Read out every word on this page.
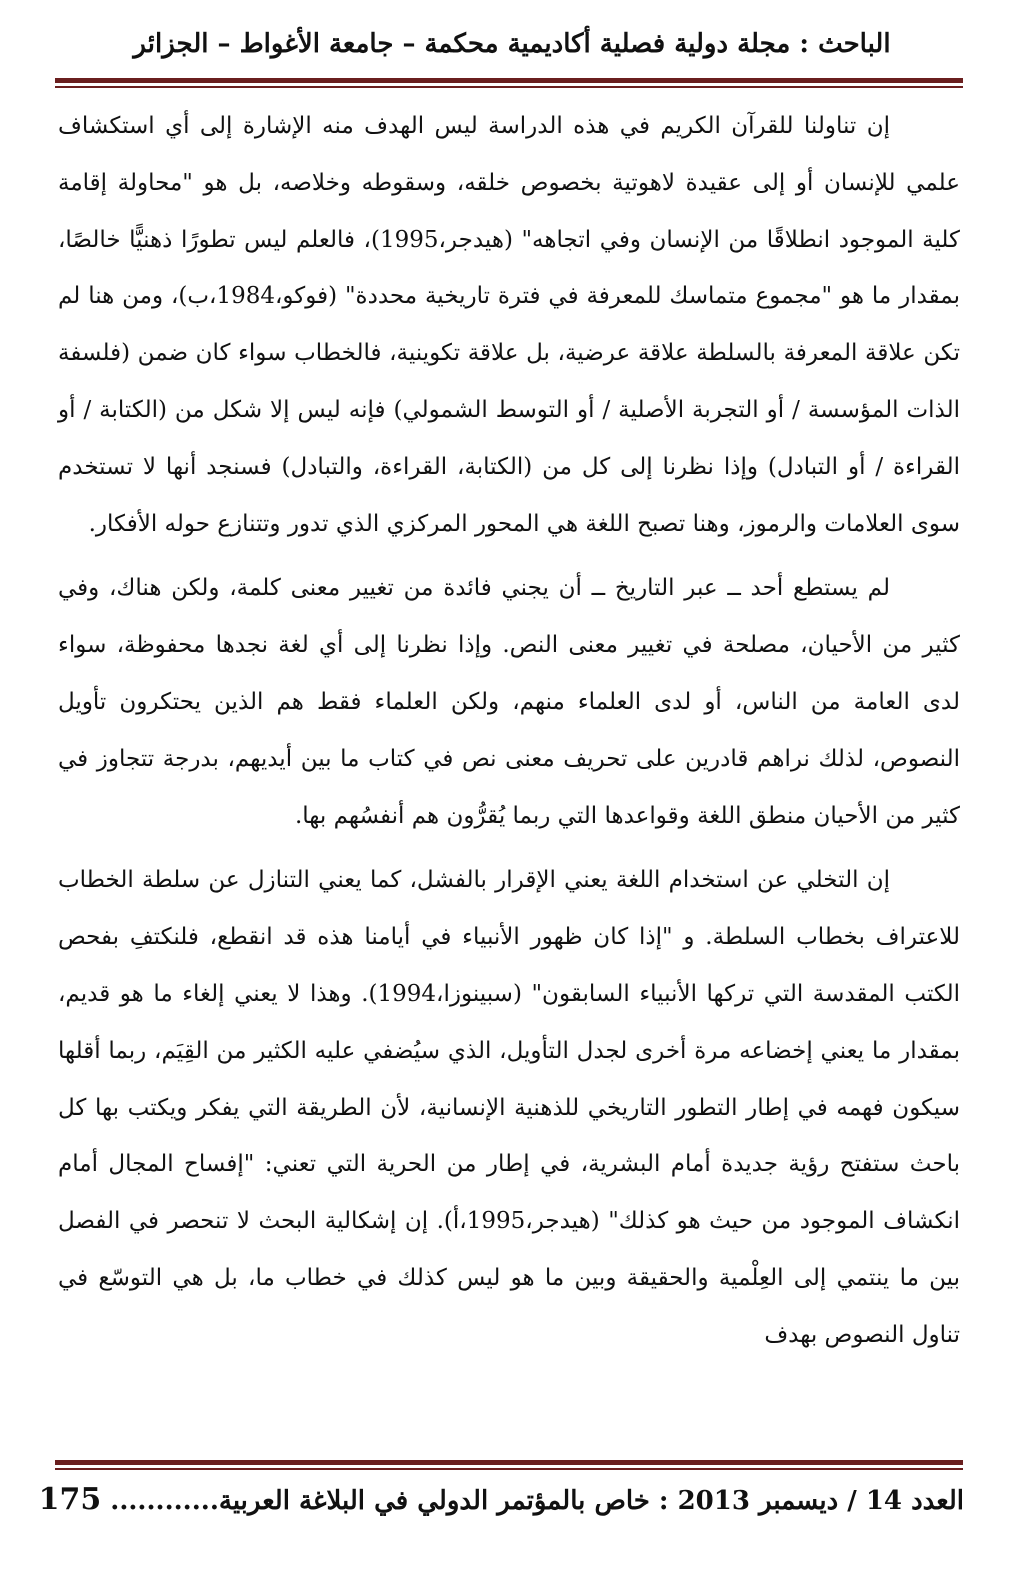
الباحث : مجلة دولية فصلية أكاديمية محكمة – جامعة الأغواط – الجزائر

إن تناولنا للقرآن الكريم في هذه الدراسة ليس الهدف منه الإشارة إلى أي استكشاف علمي للإنسان أو إلى عقيدة لاهوتية بخصوص خلقه، وسقوطه وخلاصه، بل هو "محاولة إقامة كلية الموجود انطلاقًا من الإنسان وفي اتجاهه" (هيدجر،1995)، فالعلم ليس تطورًا ذهنيًّا خالصًا، بمقدار ما هو "مجموع متماسك للمعرفة في فترة تاريخية محددة" (فوكو،1984،ب)، ومن هنا لم تكن علاقة المعرفة بالسلطة علاقة عرضية، بل علاقة تكوينية، فالخطاب سواء كان ضمن (فلسفة الذات المؤسسة / أو التجربة الأصلية / أو التوسط الشمولي) فإنه ليس إلا شكل من (الكتابة / أو القراءة / أو التبادل) وإذا نظرنا إلى كل من (الكتابة، القراءة، والتبادل) فسنجد أنها لا تستخدم سوى العلامات والرموز، وهنا تصبح اللغة هي المحور المركزي الذي تدور وتتنازع حوله الأفكار.

لم يستطع أحد ــ عبر التاريخ ــ أن يجني فائدة من تغيير معنى كلمة، ولكن هناك، وفي كثير من الأحيان، مصلحة في تغيير معنى النص. وإذا نظرنا إلى أي لغة نجدها محفوظة، سواء لدى العامة من الناس، أو لدى العلماء منهم، ولكن العلماء فقط هم الذين يحتكرون تأويل النصوص، لذلك نراهم قادرين على تحريف معنى نص في كتاب ما بين أيديهم، بدرجة تتجاوز في كثير من الأحيان منطق اللغة وقواعدها التي ربما يُقرُّون هم أنفسُهم بها.

إن التخلي عن استخدام اللغة يعني الإقرار بالفشل، كما يعني التنازل عن سلطة الخطاب للاعتراف بخطاب السلطة. و "إذا كان ظهور الأنبياء في أيامنا هذه قد انقطع، فلنكتفِ بفحص الكتب المقدسة التي تركها الأنبياء السابقون" (سبينوزا،1994). وهذا لا يعني إلغاء ما هو قديم، بمقدار ما يعني إخضاعه مرة أخرى لجدل التأويل، الذي سيُضفي عليه الكثير من القِيَم، ربما أقلها سيكون فهمه في إطار التطور التاريخي للذهنية الإنسانية، لأن الطريقة التي يفكر ويكتب بها كل باحث ستفتح رؤية جديدة أمام البشرية، في إطار من الحرية التي تعني: "إفساح المجال أمام انكشاف الموجود من حيث هو كذلك" (هيدجر،1995،أ). إن إشكالية البحث لا تنحصر في الفصل بين ما ينتمي إلى العِلْمية والحقيقة وبين ما هو ليس كذلك في خطاب ما، بل هي التوسّع في تناول النصوص بهدف

العدد 14 / ديسمبر 2013 : خاص بالمؤتمر الدولي في البلاغة العربية............ 175
